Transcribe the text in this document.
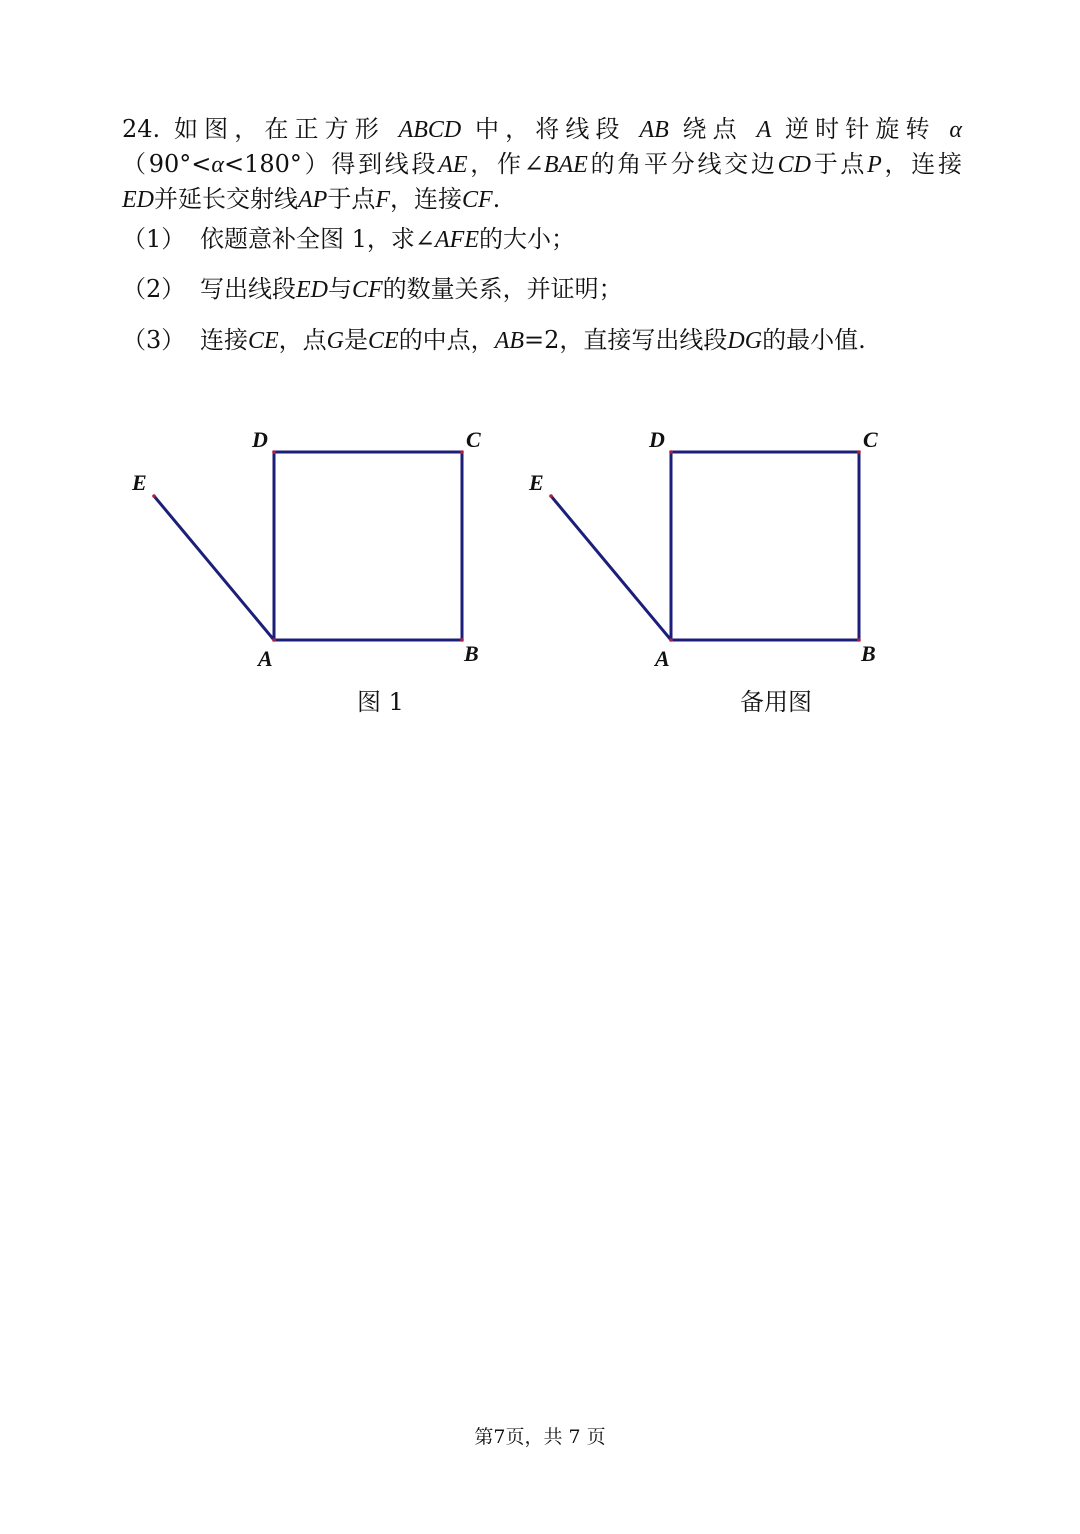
24. 如图，在正方形 ABCD 中，将线段 AB 绕点 A 逆时针旋转 α

（90°<α<180°）得到线段AE，作∠BAE的角平分线交边CD于点P，连接

ED并延长交射线AP于点F，连接CF.

（1） 依题意补全图 1，求∠AFE的大小；
（2） 写出线段ED与CF的数量关系，并证明；
（3） 连接CE，点G是CE的中点，AB=2，直接写出线段DG的最小值.
A	B
C
D
E
图 1
A	B
C
D
E
备用图
第7页，共 7 页
